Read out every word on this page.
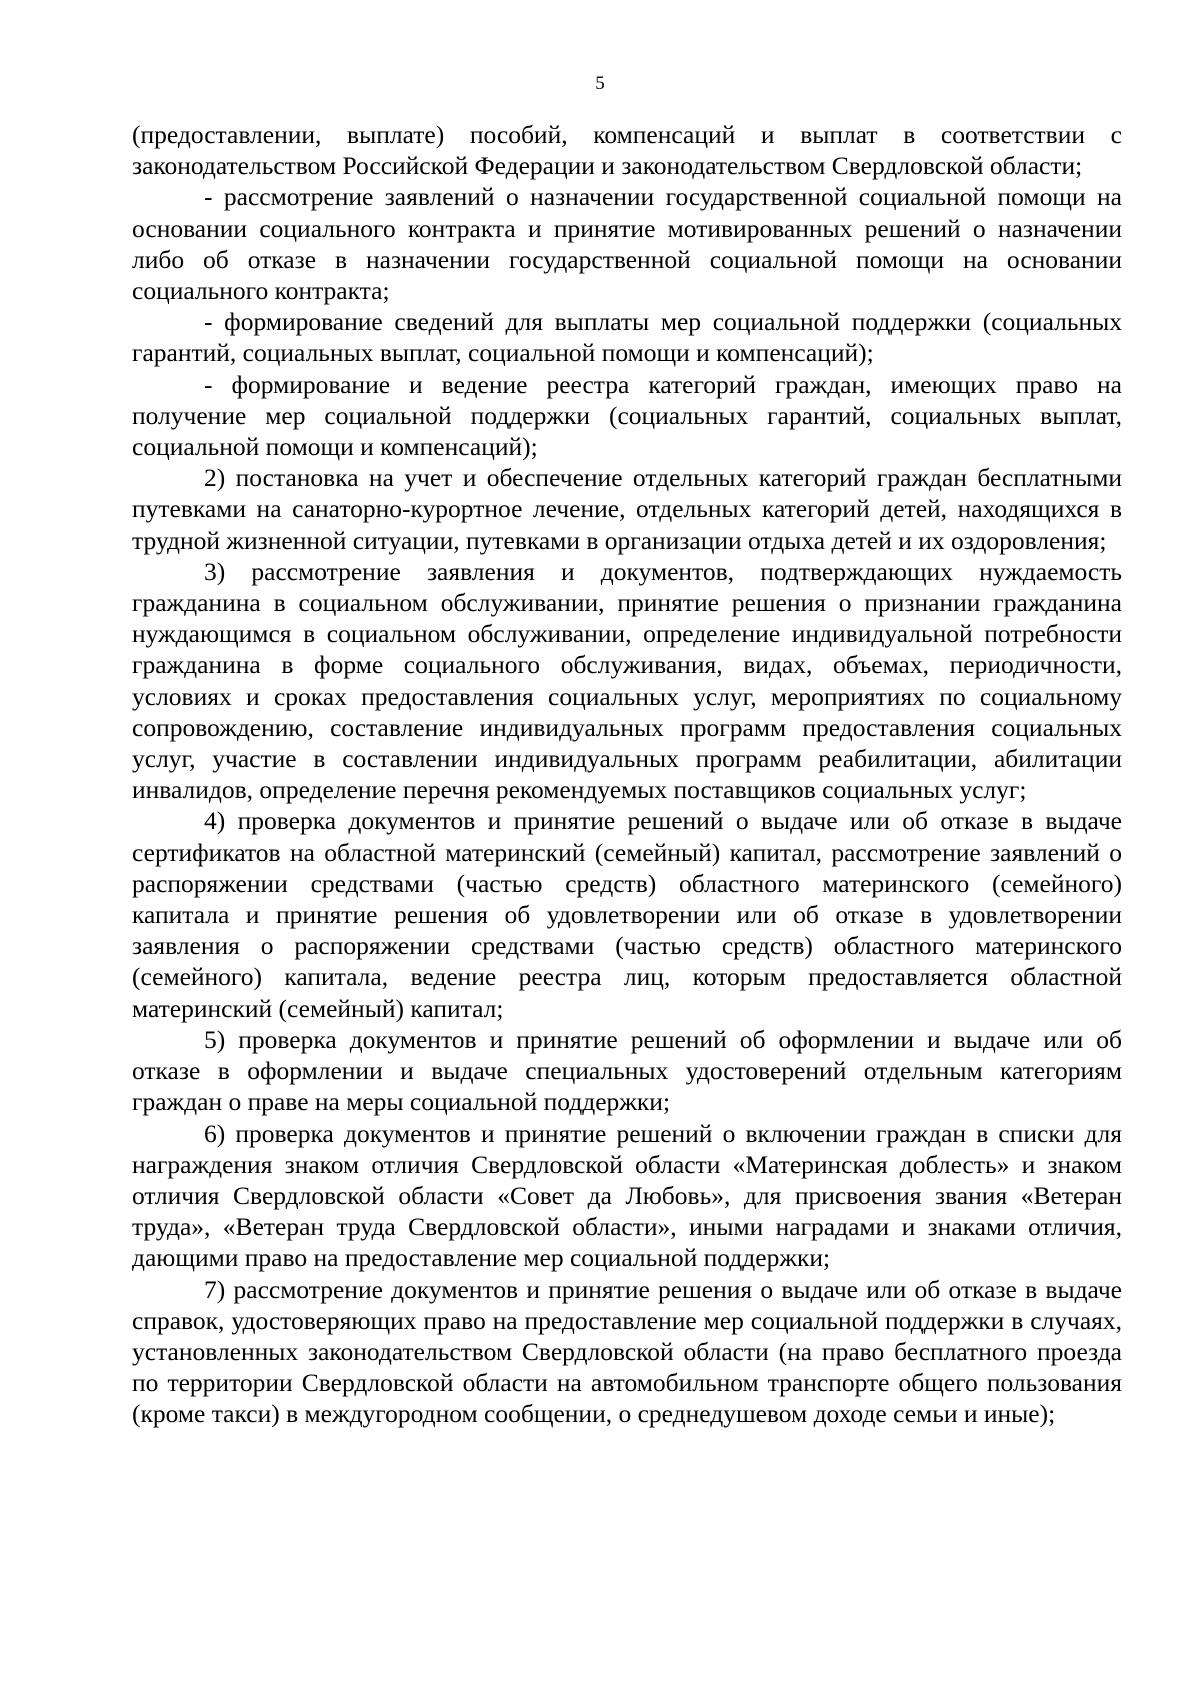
5

(предоставлении, выплате) пособий, компенсаций и выплат в соответствии с законодательством Российской Федерации и законодательством Свердловской области;

- рассмотрение заявлений о назначении государственной социальной помощи на основании социального контракта и принятие мотивированных решений о назначении либо об отказе в назначении государственной социальной помощи на основании социального контракта;

- формирование сведений для выплаты мер социальной поддержки (социальных гарантий, социальных выплат, социальной помощи и компенсаций);

- формирование и ведение реестра категорий граждан, имеющих право на получение мер социальной поддержки (социальных гарантий, социальных выплат, социальной помощи и компенсаций);

2) постановка на учет и обеспечение отдельных категорий граждан бесплатными путевками на санаторно-курортное лечение, отдельных категорий детей, находящихся в трудной жизненной ситуации, путевками в организации отдыха детей и их оздоровления;

3) рассмотрение заявления и документов, подтверждающих нуждаемость гражданина в социальном обслуживании, принятие решения о признании гражданина нуждающимся в социальном обслуживании, определение индивидуальной потребности гражданина в форме социального обслуживания, видах, объемах, периодичности, условиях и сроках предоставления социальных услуг, мероприятиях по социальному сопровождению, составление индивидуальных программ предоставления социальных услуг, участие в составлении индивидуальных программ реабилитации, абилитации инвалидов, определение перечня рекомендуемых поставщиков социальных услуг;

4) проверка документов и принятие решений о выдаче или об отказе в выдаче сертификатов на областной материнский (семейный) капитал, рассмотрение заявлений о распоряжении средствами (частью средств) областного материнского (семейного) капитала и принятие решения об удовлетворении или об отказе в удовлетворении заявления о распоряжении средствами (частью средств) областного материнского (семейного) капитала, ведение реестра лиц, которым предоставляется областной материнский (семейный) капитал;

5) проверка документов и принятие решений об оформлении и выдаче или об отказе в оформлении и выдаче специальных удостоверений отдельным категориям граждан о праве на меры социальной поддержки;

6) проверка документов и принятие решений о включении граждан в списки для награждения знаком отличия Свердловской области «Материнская доблесть» и знаком отличия Свердловской области «Совет да Любовь», для присвоения звания «Ветеран труда», «Ветеран труда Свердловской области», иными наградами и знаками отличия, дающими право на предоставление мер социальной поддержки;

7) рассмотрение документов и принятие решения о выдаче или об отказе в выдаче справок, удостоверяющих право на предоставление мер социальной поддержки в случаях, установленных законодательством Свердловской области (на право бесплатного проезда по территории Свердловской области на автомобильном транспорте общего пользования (кроме такси) в междугородном сообщении, о среднедушевом доходе семьи и иные);
